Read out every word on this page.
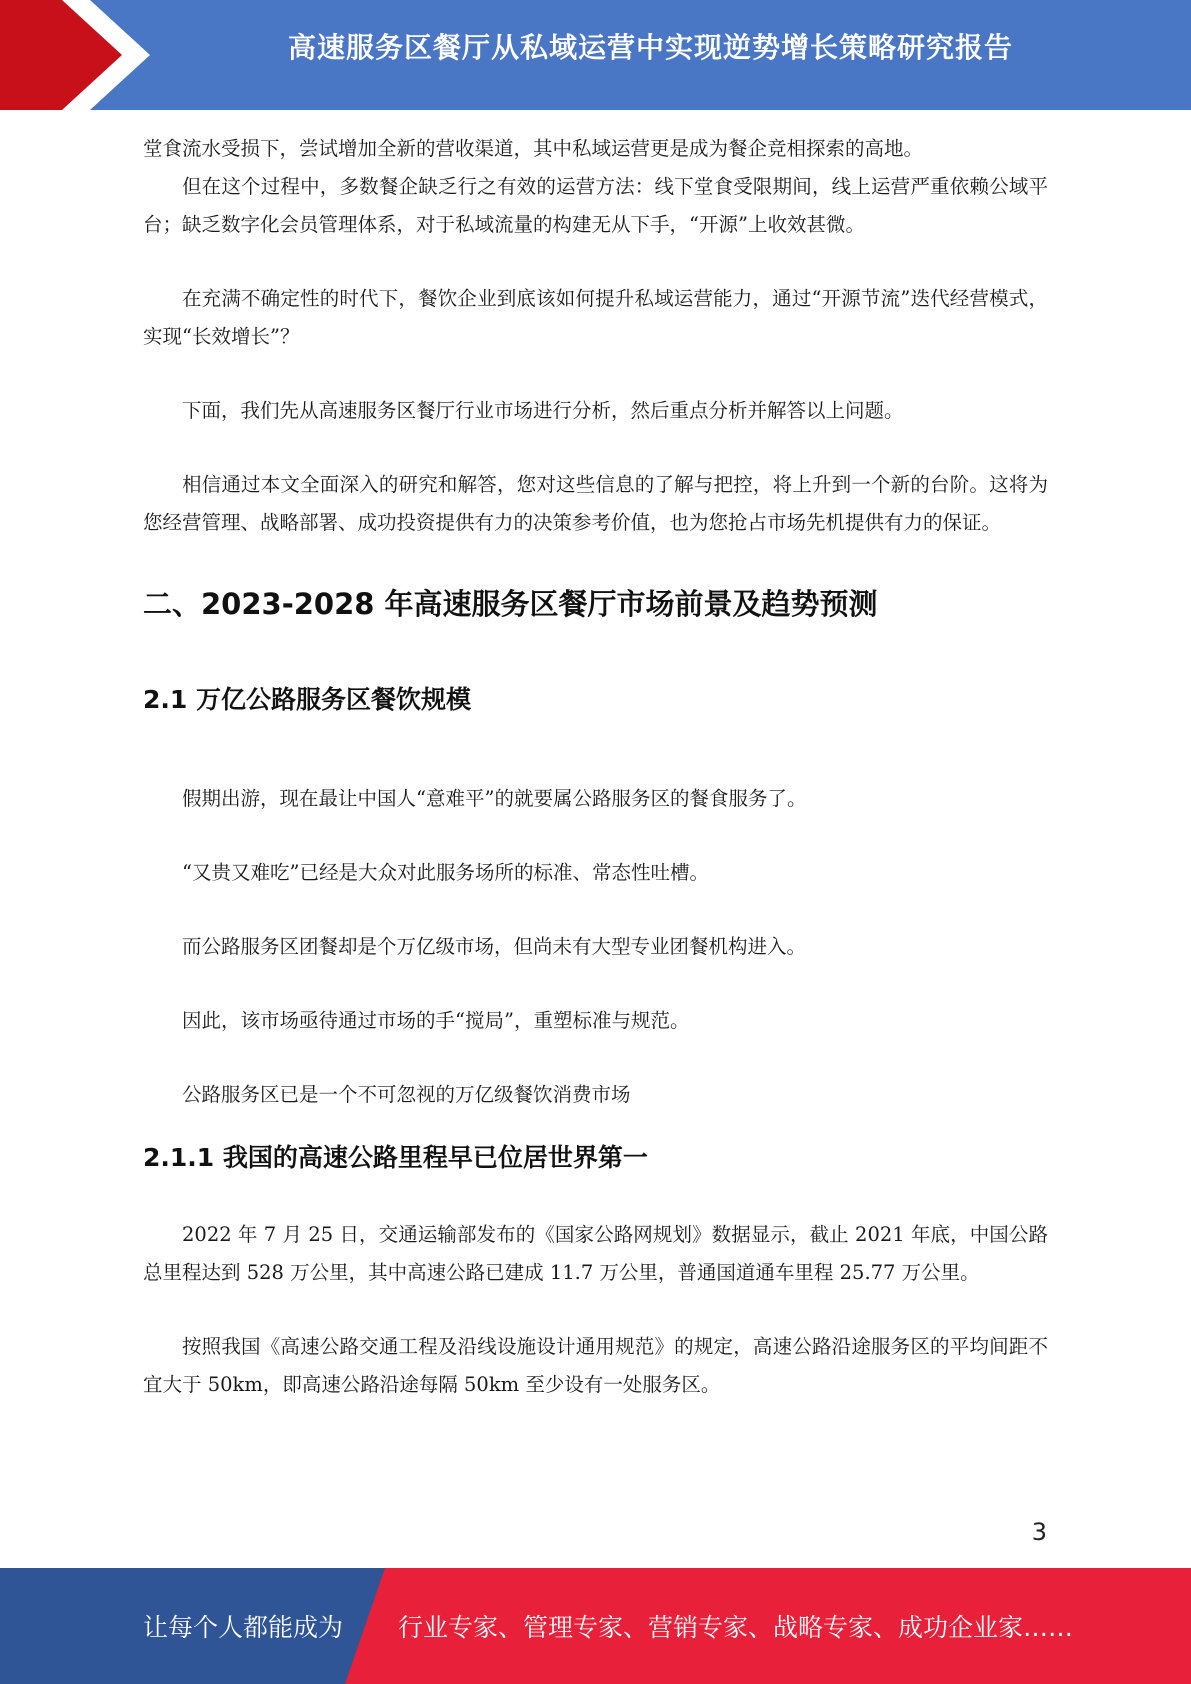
高速服务区餐厅从私域运营中实现逆势增长策略研究报告

堂食流水受损下，尝试增加全新的营收渠道，其中私域运营更是成为餐企竞相探索的高地。

但在这个过程中，多数餐企缺乏行之有效的运营方法：线下堂食受限期间，线上运营严重依赖公域平台；缺乏数字化会员管理体系，对于私域流量的构建无从下手，“开源”上收效甚微。

在充满不确定性的时代下，餐饮企业到底该如何提升私域运营能力，通过“开源节流”迭代经营模式，实现“长效增长”？

下面，我们先从高速服务区餐厅行业市场进行分析，然后重点分析并解答以上问题。

相信通过本文全面深入的研究和解答，您对这些信息的了解与把控，将上升到一个新的台阶。这将为您经营管理、战略部署、成功投资提供有力的决策参考价值，也为您抢占市场先机提供有力的保证。

二、2023-2028 年高速服务区餐厅市场前景及趋势预测
2.1 万亿公路服务区餐饮规模

假期出游，现在最让中国人“意难平”的就要属公路服务区的餐食服务了。

“又贵又难吃”已经是大众对此服务场所的标准、常态性吐槽。

而公路服务区团餐却是个万亿级市场，但尚未有大型专业团餐机构进入。

因此，该市场亟待通过市场的手“搅局”，重塑标准与规范。

公路服务区已是一个不可忽视的万亿级餐饮消费市场

2.1.1 我国的高速公路里程早已位居世界第一

2022 年 7 月 25 日，交通运输部发布的《国家公路网规划》数据显示，截止 2021 年底，中国公路总里程达到 528 万公里，其中高速公路已建成 11.7 万公里，普通国道通车里程 25.77 万公里。

按照我国《高速公路交通工程及沿线设施设计通用规范》的规定，高速公路沿途服务区的平均间距不宜大于 50km，即高速公路沿途每隔 50km 至少设有一处服务区。

3
让每个人都能成为 行业专家、管理专家、营销专家、战略专家、成功企业家……
